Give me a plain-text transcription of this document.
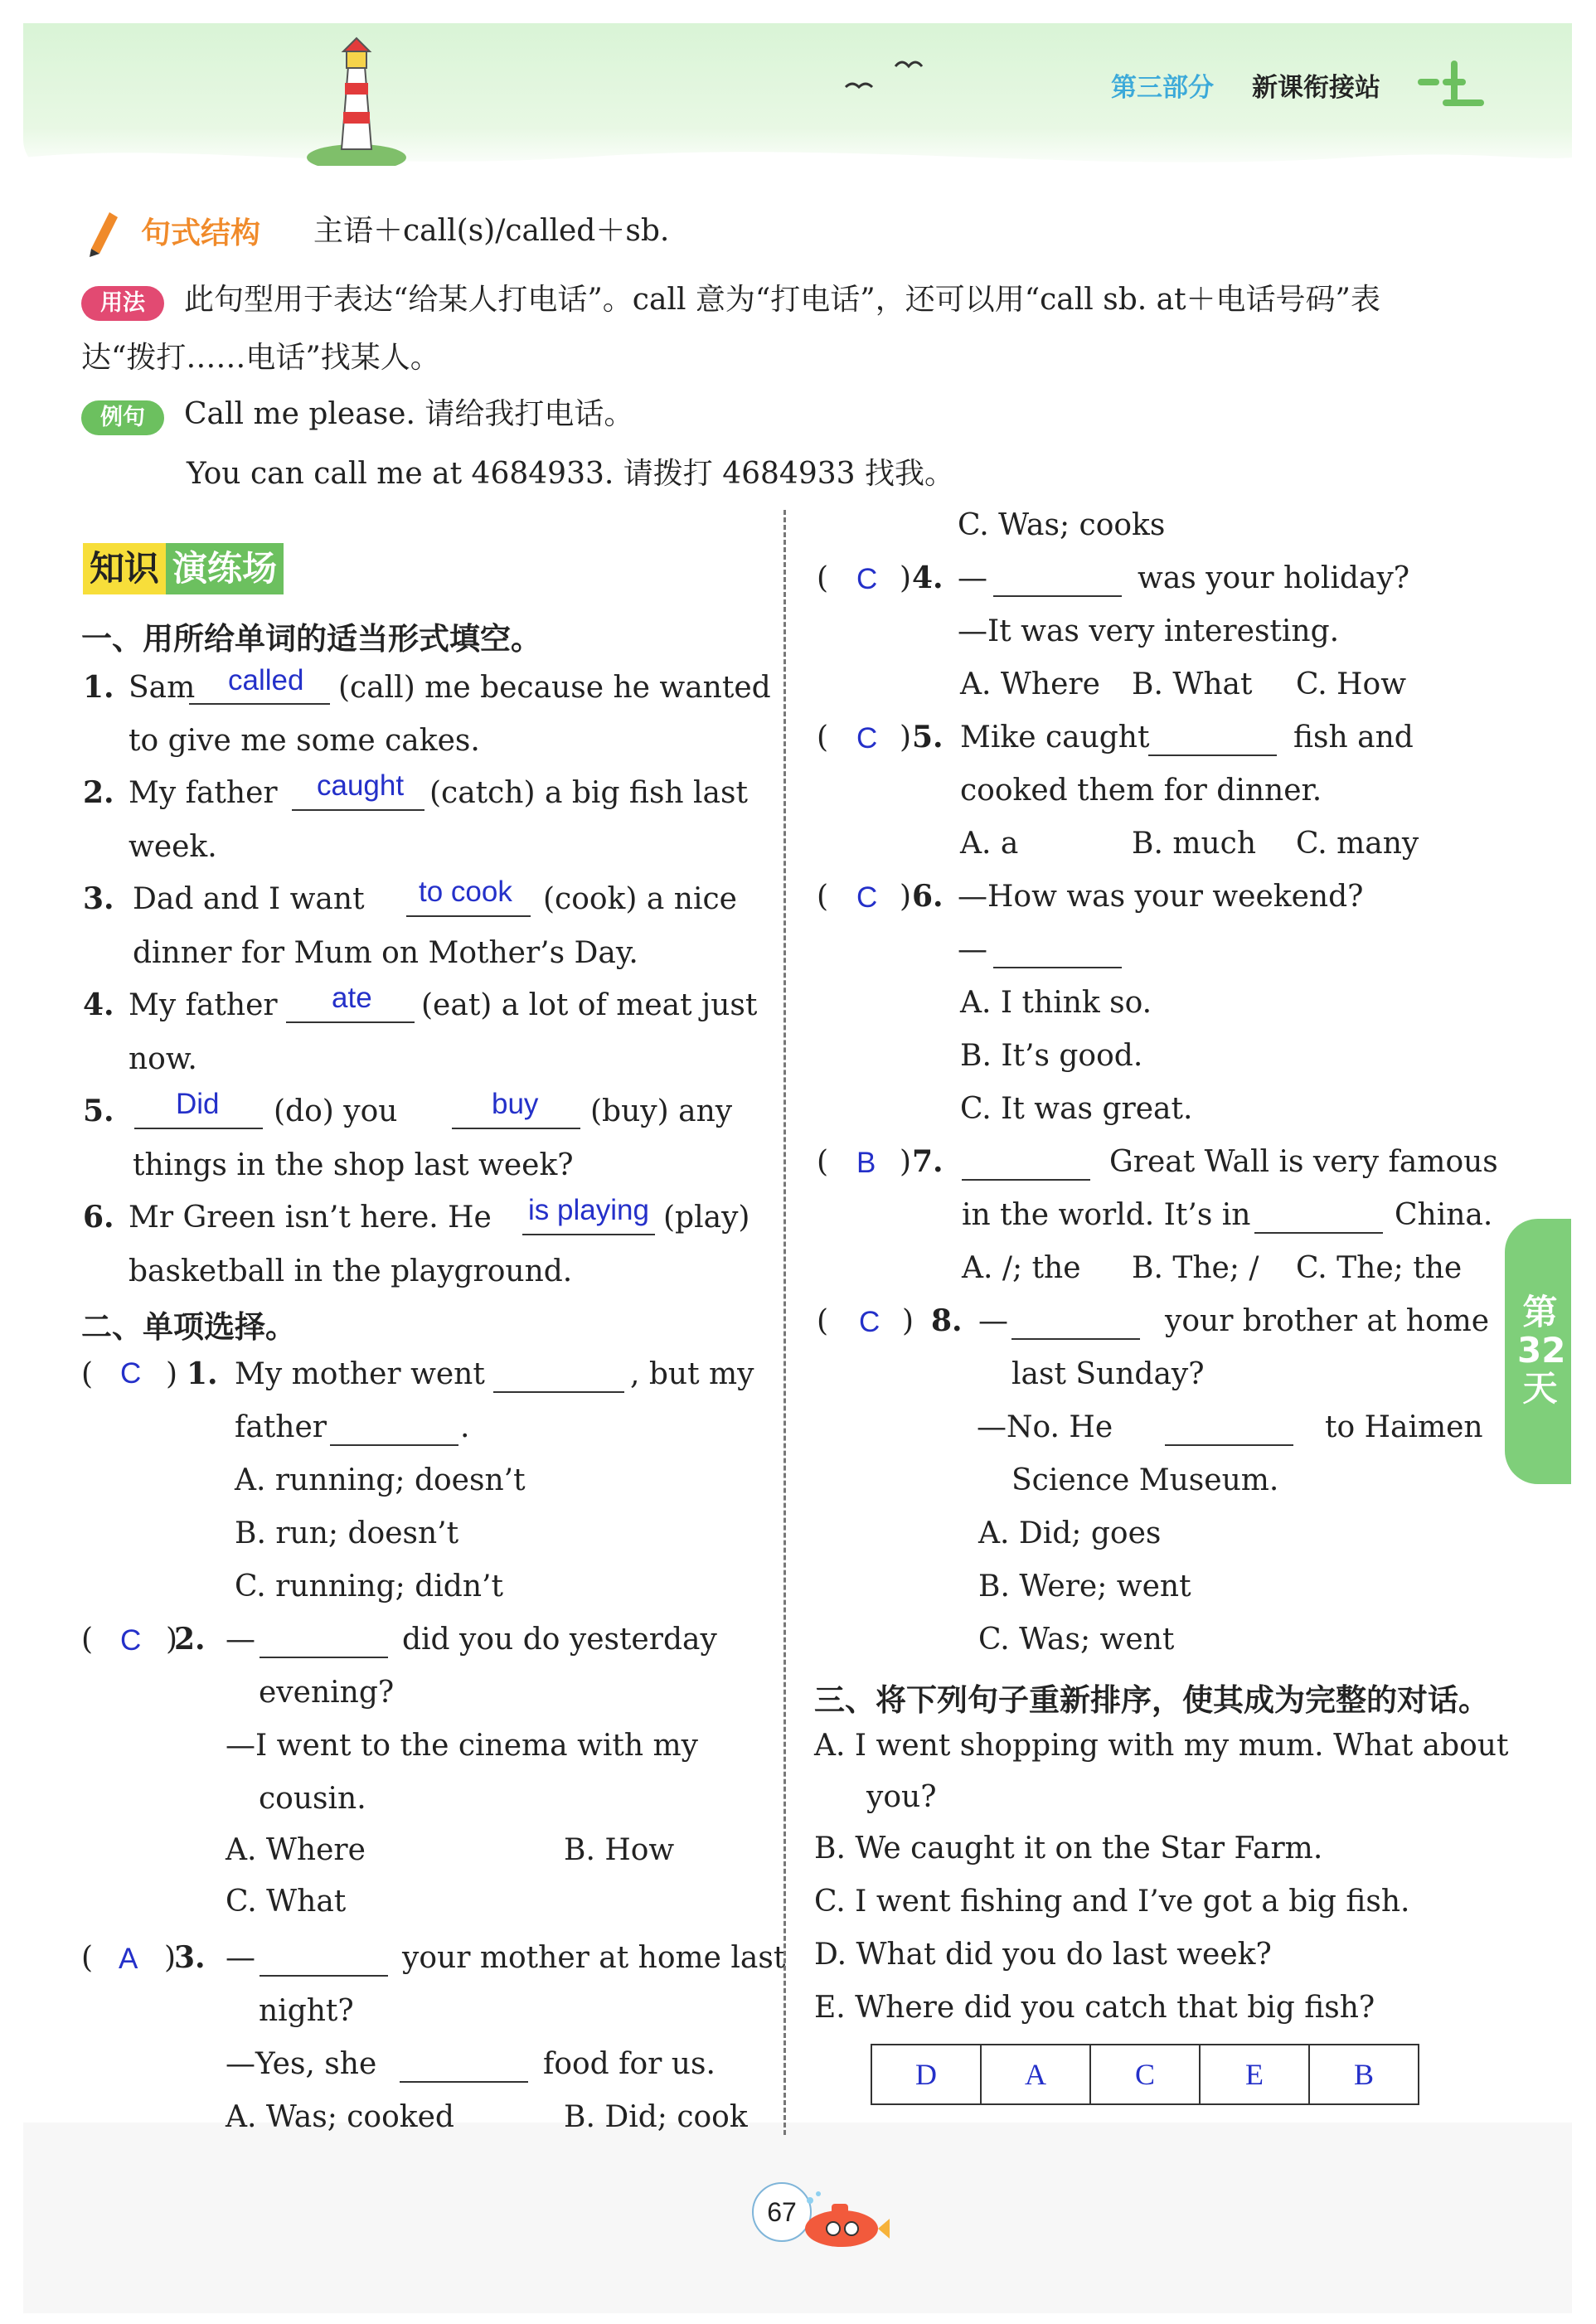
第三部分 新课衔接站
句式结构 主语＋call(s)/called＋sb.
用法	此句型用于表达“给某人打电话”。call 意为“打电话”，还可以用“call sb. at＋电话号码”表
达“拨打……电话”找某人。
例句	Call me please. 请给我打电话。
You can call me at 4684933. 请拨打 4684933 找我。
知识 演练场
一、用所给单词的适当形式填空。
1. Sam called (call) me because he wanted
to give me some cakes.
2. My father caught (catch) a big fish last
week.
3. Dad and I want to cook (cook) a nice
dinner for Mum on Mother’s Day.
4. My father ate (eat) a lot of meat just
now.
5. Did (do) you	buy (buy) any
things in the shop last week?
6. Mr Green isn’t here. He is playing (play)
basketball in the playground.
二、单项选择。
( C ) 1. My mother went	, but my
father	.
A. running; doesn’t
B. run; doesn’t
C. running; didn’t
( C )
2. —	did you do yesterday
evening?
—I went to the cinema with my
cousin.
A. Where	B. How
C. What
( A )
3. —	your mother at home last
night?
—Yes, she	food for us.
A. Was; cooked	B. Did; cook
C. Was; cooks
( C ) 4. —	was your holiday?
—It was very interesting.
A. Where B. What C. How
( C ) 5. Mike caught	fish and
cooked them for dinner.
A. a	B. much C. many
( C ) 6. —How was your weekend?
—
A. I think so.
B. It’s good.
C. It was great.
( B ) 7.	Great Wall is very famous
in the world. It’s in	China.
A. /; the B. The; / C. The; the
( C ) 8. —	your brother at home
last Sunday?
—No. He	to Haimen
Science Museum.
A. Did; goes
B. Were; went
C. Was; went
三、将下列句子重新排序，使其成为完整的对话。
A. I went shopping with my mum. What about
you?
B. We caught it on the Star Farm.
C. I went fishing and I’ve got a big fish.
D. What did you do last week?
E. Where did you catch that big fish?
D	A	C	E	B
第32天
67
